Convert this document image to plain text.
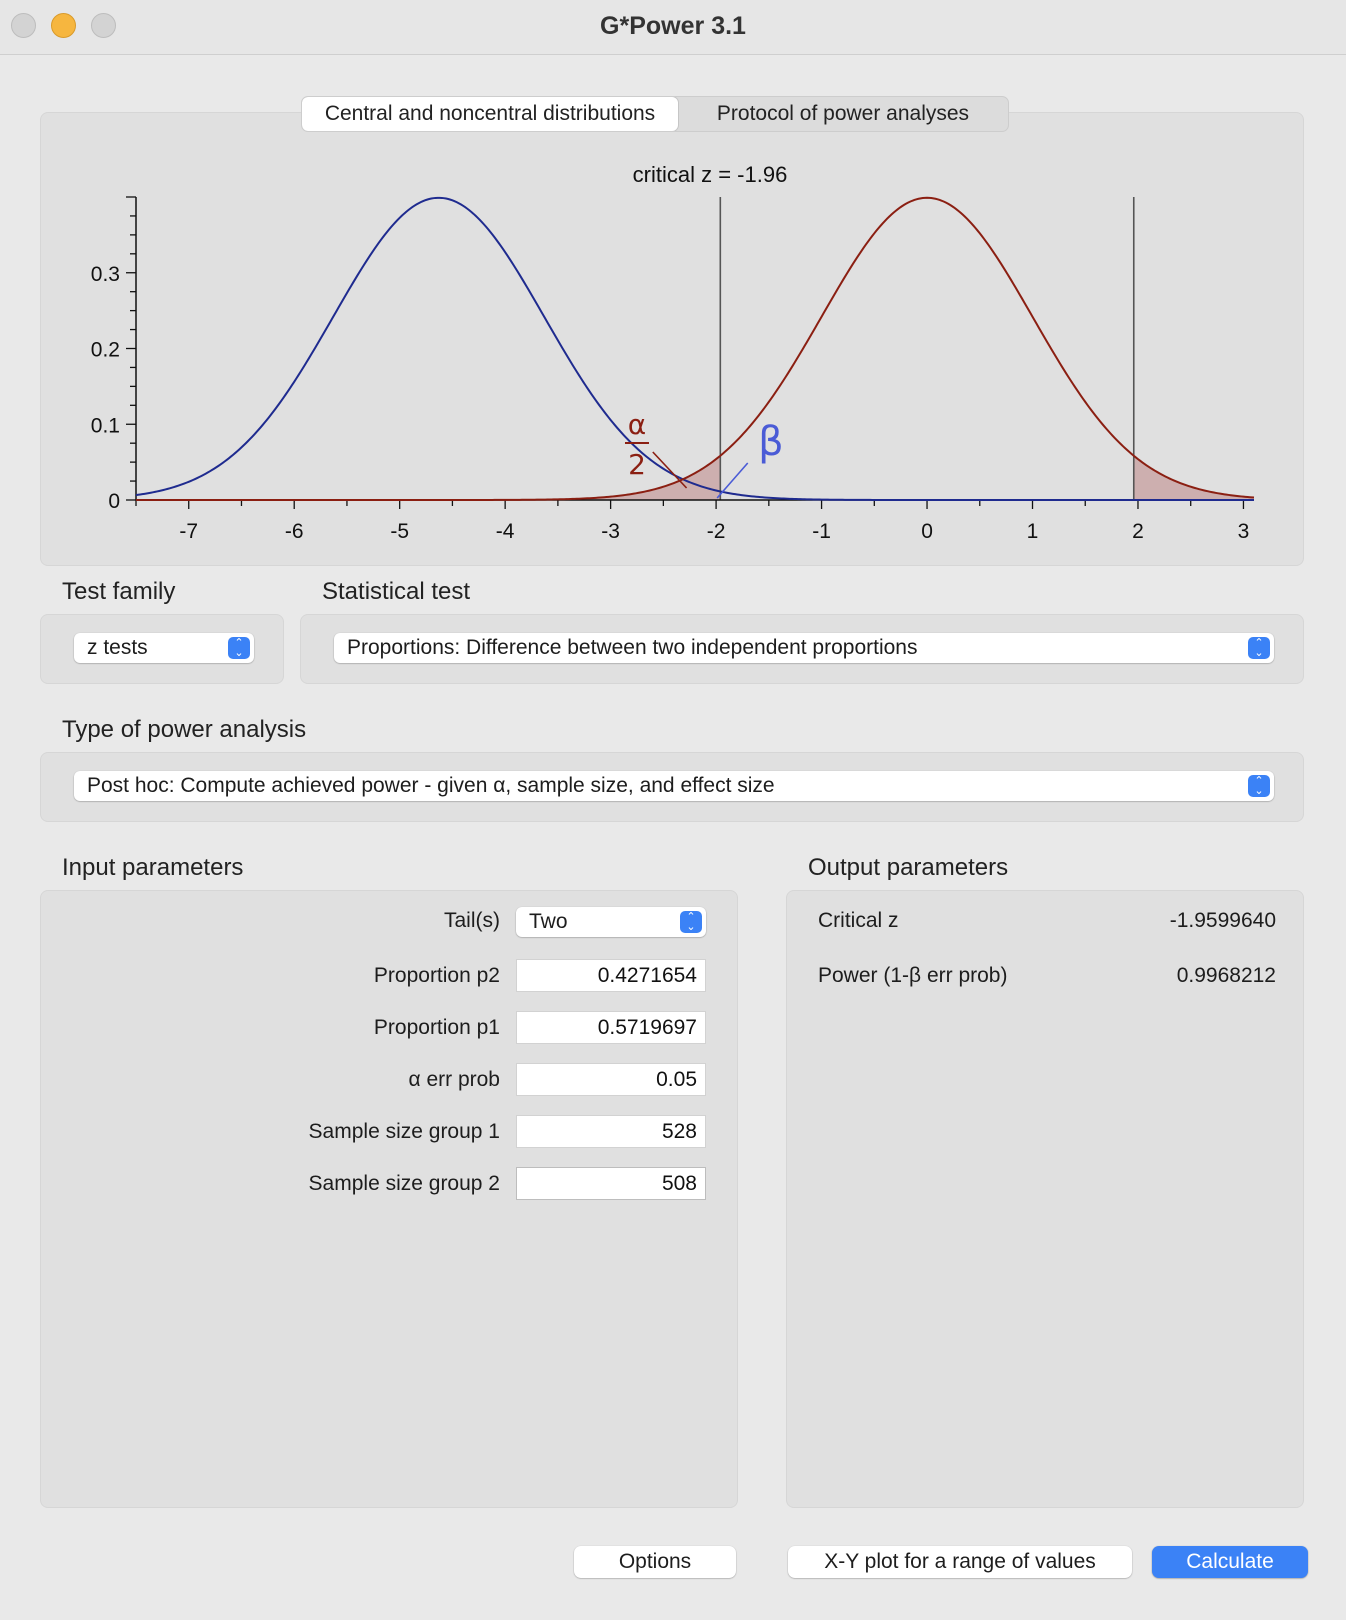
G*Power 3.1
Central and noncentral distributions	Protocol of power analyses
critical z = -1.96
0
0.1
0.2
0.3
-7	-6	-5	-4	-3	-2	-1	0	1	2	3
α
2	β
Test family	Statistical test
z tests	⌃
⌄	Proportions: Difference between two independent proportions	⌃
⌄
Type of power analysis
Post hoc: Compute achieved power - given α, sample size, and effect size	⌃
⌄
Input parameters
Tail(s)	Two	⌃
⌄
Proportion p2	0.4271654
Proportion p1	0.5719697
α err prob	0.05
Sample size group 1	528
Sample size group 2	508
Output parameters
Critical z	-1.9599640
Power (1-β err prob)	0.9968212
Options	X-Y plot for a range of values	Calculate
